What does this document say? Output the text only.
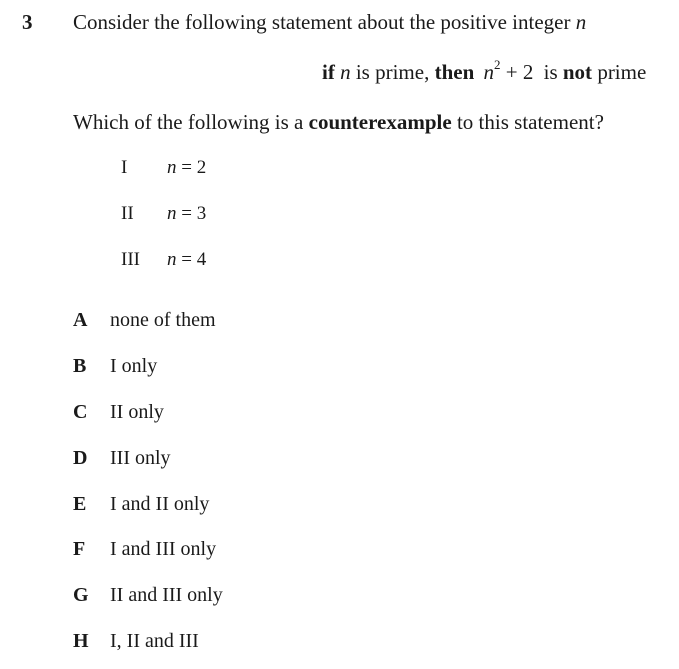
3 Consider the following statement about the positive integer n
if n is prime, then $n^2 + 2$ is not prime
Which of the following is a counterexample to this statement?
I n = 2
II n = 3
III n = 4
A none of them
B I only
C II only
D III only
E I and II only
F I and III only
G II and III only
H I, II and III
